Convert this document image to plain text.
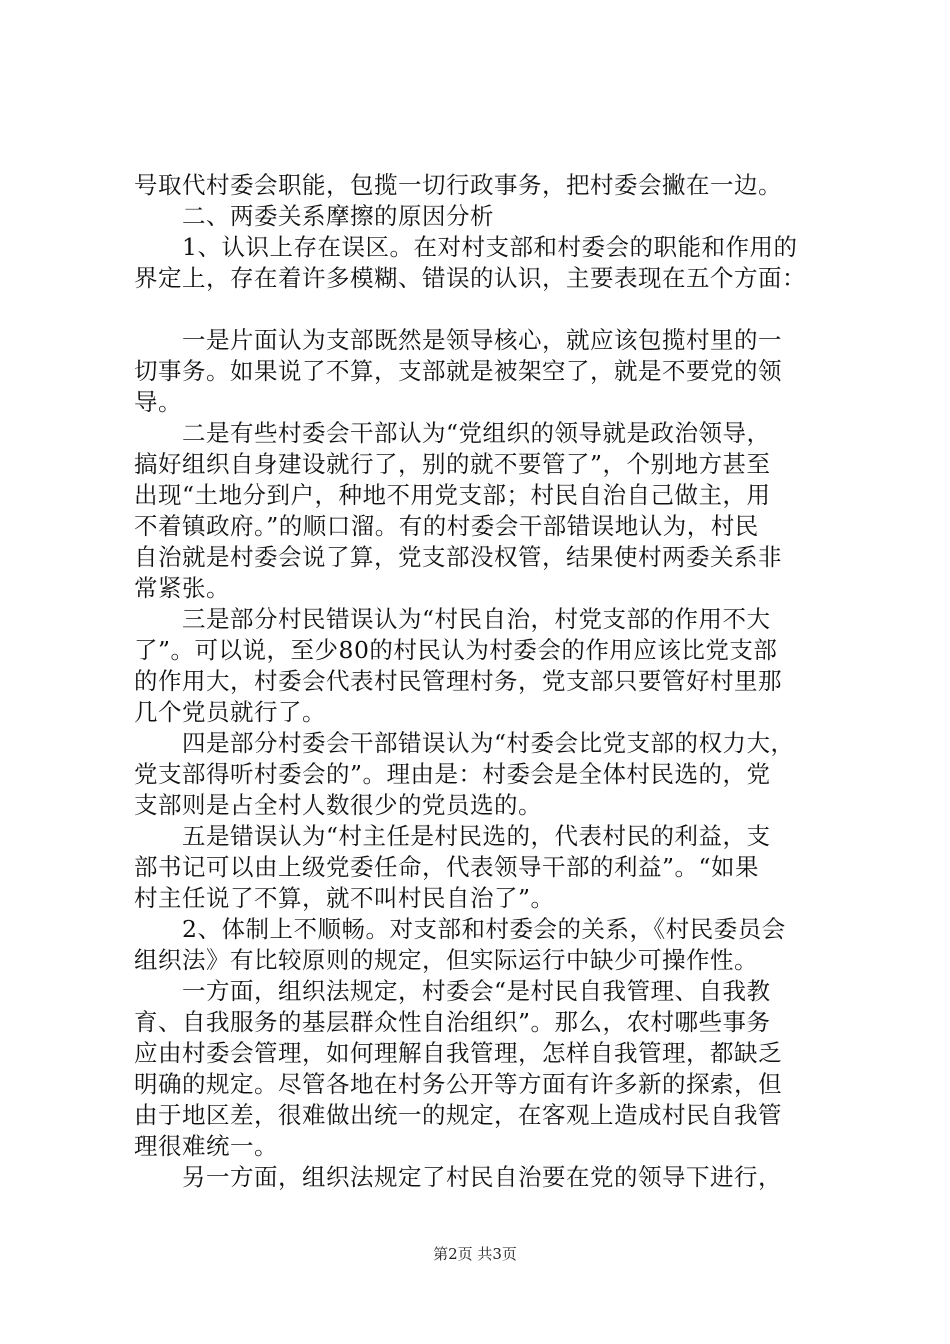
号取代村委会职能，包揽一切行政事务，把村委会撇在一边。
　　二、两委关系摩擦的原因分析
　　1、认识上存在误区。在对村支部和村委会的职能和作用的
界定上，存在着许多模糊、错误的认识，主要表现在五个方面：
　　一是片面认为支部既然是领导核心，就应该包揽村里的一
切事务。如果说了不算，支部就是被架空了，就是不要党的领
导。
　　二是有些村委会干部认为“党组织的领导就是政治领导，
搞好组织自身建设就行了，别的就不要管了”，个别地方甚至
出现“土地分到户，种地不用党支部；村民自治自己做主，用
不着镇政府。”的顺口溜。有的村委会干部错误地认为，村民
自治就是村委会说了算，党支部没权管，结果使村两委关系非
常紧张。
　　三是部分村民错误认为“村民自治，村党支部的作用不大
了”。可以说，至少80的村民认为村委会的作用应该比党支部
的作用大，村委会代表村民管理村务，党支部只要管好村里那
几个党员就行了。
　　四是部分村委会干部错误认为“村委会比党支部的权力大，
党支部得听村委会的”。理由是：村委会是全体村民选的，党
支部则是占全村人数很少的党员选的。
　　五是错误认为“村主任是村民选的，代表村民的利益，支
部书记可以由上级党委任命，代表领导干部的利益”。“如果
村主任说了不算，就不叫村民自治了”。
　　2、体制上不顺畅。对支部和村委会的关系，《村民委员会
组织法》有比较原则的规定，但实际运行中缺少可操作性。
　　一方面，组织法规定，村委会“是村民自我管理、自我教
育、自我服务的基层群众性自治组织”。那么，农村哪些事务
应由村委会管理，如何理解自我管理，怎样自我管理，都缺乏
明确的规定。尽管各地在村务公开等方面有许多新的探索，但
由于地区差，很难做出统一的规定，在客观上造成村民自我管
理很难统一。
　　另一方面，组织法规定了村民自治要在党的领导下进行，
第2页 共3页
